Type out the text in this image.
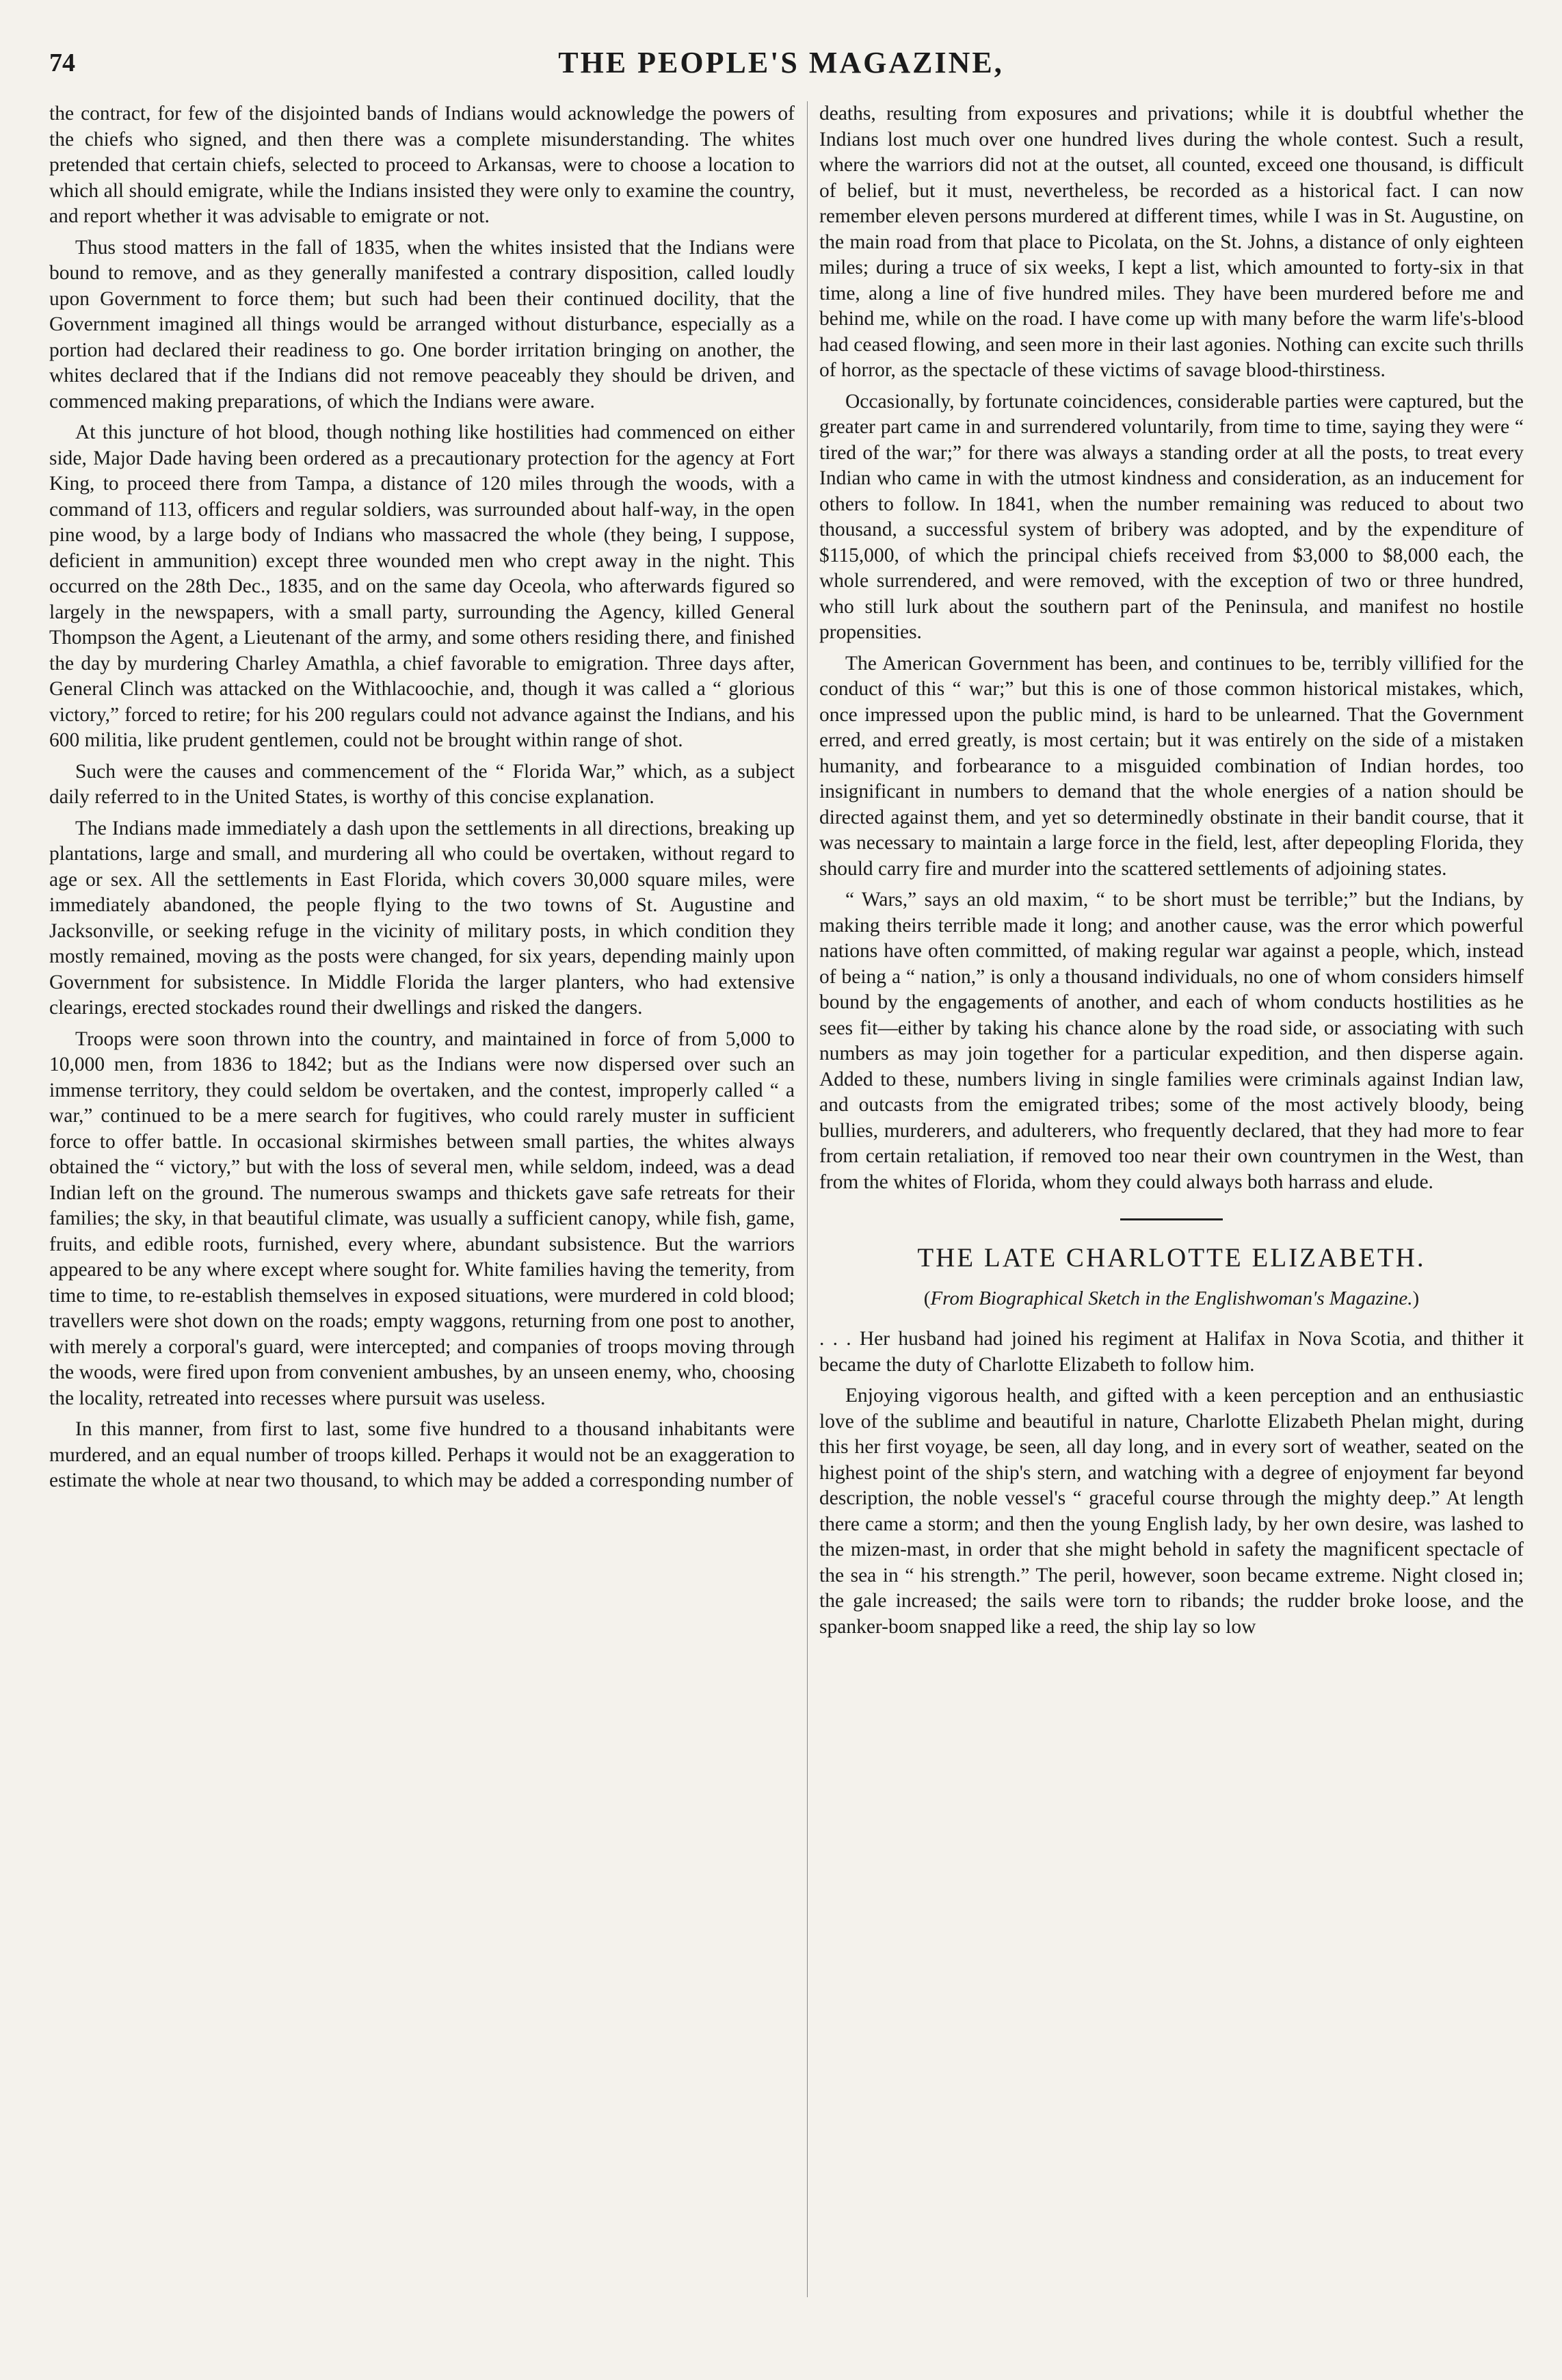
74	THE PEOPLE'S MAGAZINE,

the contract, for few of the disjointed bands of Indians would acknowledge the powers of the chiefs who signed, and then there was a complete misunderstanding. The whites pretended that certain chiefs, selected to proceed to Arkansas, were to choose a location to which all should emigrate, while the Indians insisted they were only to examine the country, and report whether it was advisable to emigrate or not.

Thus stood matters in the fall of 1835, when the whites insisted that the Indians were bound to remove, and as they generally manifested a contrary disposition, called loudly upon Government to force them; but such had been their continued docility, that the Government imagined all things would be arranged without disturbance, especially as a portion had declared their readiness to go. One border irritation bringing on another, the whites declared that if the Indians did not remove peaceably they should be driven, and commenced making preparations, of which the Indians were aware.

At this juncture of hot blood, though nothing like hostilities had commenced on either side, Major Dade having been ordered as a precautionary protection for the agency at Fort King, to proceed there from Tampa, a distance of 120 miles through the woods, with a command of 113, officers and regular soldiers, was surrounded about half-way, in the open pine wood, by a large body of Indians who massacred the whole (they being, I suppose, deficient in ammunition) except three wounded men who crept away in the night. This occurred on the 28th Dec., 1835, and on the same day Oceola, who afterwards figured so largely in the newspapers, with a small party, surrounding the Agency, killed General Thompson the Agent, a Lieutenant of the army, and some others residing there, and finished the day by murdering Charley Amathla, a chief favorable to emigration. Three days after, General Clinch was attacked on the Withlacoochie, and, though it was called a “ glorious victory,” forced to retire; for his 200 regulars could not advance against the Indians, and his 600 militia, like prudent gentlemen, could not be brought within range of shot.

Such were the causes and commencement of the “ Florida War,” which, as a subject daily referred to in the United States, is worthy of this concise explanation.

The Indians made immediately a dash upon the settlements in all directions, breaking up plantations, large and small, and murdering all who could be overtaken, without regard to age or sex. All the settlements in East Florida, which covers 30,000 square miles, were immediately abandoned, the people flying to the two towns of St. Augustine and Jacksonville, or seeking refuge in the vicinity of military posts, in which condition they mostly remained, moving as the posts were changed, for six years, depending mainly upon Government for subsistence. In Middle Florida the larger planters, who had extensive clearings, erected stockades round their dwellings and risked the dangers.

Troops were soon thrown into the country, and maintained in force of from 5,000 to 10,000 men, from 1836 to 1842; but as the Indians were now dispersed over such an immense territory, they could seldom be overtaken, and the contest, improperly called “ a war,” continued to be a mere search for fugitives, who could rarely muster in sufficient force to offer battle. In occasional skirmishes between small parties, the whites always obtained the “ victory,” but with the loss of several men, while seldom, indeed, was a dead Indian left on the ground. The numerous swamps and thickets gave safe retreats for their families; the sky, in that beautiful climate, was usually a sufficient canopy, while fish, game, fruits, and edible roots, furnished, every where, abundant subsistence. But the warriors appeared to be any where except where sought for. White families having the temerity, from time to time, to re-establish themselves in exposed situations, were murdered in cold blood; travellers were shot down on the roads; empty waggons, returning from one post to another, with merely a corporal's guard, were intercepted; and companies of troops moving through the woods, were fired upon from convenient ambushes, by an unseen enemy, who, choosing the locality, retreated into recesses where pursuit was useless.

In this manner, from first to last, some five hundred to a thousand inhabitants were murdered, and an equal number of troops killed. Perhaps it would not be an exaggeration to estimate the whole at near two thousand, to which may be added a corresponding number of

deaths, resulting from exposures and privations; while it is doubtful whether the Indians lost much over one hundred lives during the whole contest. Such a result, where the warriors did not at the outset, all counted, exceed one thousand, is difficult of belief, but it must, nevertheless, be recorded as a historical fact. I can now remember eleven persons murdered at different times, while I was in St. Augustine, on the main road from that place to Picolata, on the St. Johns, a distance of only eighteen miles; during a truce of six weeks, I kept a list, which amounted to forty-six in that time, along a line of five hundred miles. They have been murdered before me and behind me, while on the road. I have come up with many before the warm life's-blood had ceased flowing, and seen more in their last agonies. Nothing can excite such thrills of horror, as the spectacle of these victims of savage blood-thirstiness.

Occasionally, by fortunate coincidences, considerable parties were captured, but the greater part came in and surrendered voluntarily, from time to time, saying they were “ tired of the war;” for there was always a standing order at all the posts, to treat every Indian who came in with the utmost kindness and consideration, as an inducement for others to follow. In 1841, when the number remaining was reduced to about two thousand, a successful system of bribery was adopted, and by the expenditure of $115,000, of which the principal chiefs received from $3,000 to $8,000 each, the whole surrendered, and were removed, with the exception of two or three hundred, who still lurk about the southern part of the Peninsula, and manifest no hostile propensities.

The American Government has been, and continues to be, terribly villified for the conduct of this “ war;” but this is one of those common historical mistakes, which, once impressed upon the public mind, is hard to be unlearned. That the Government erred, and erred greatly, is most certain; but it was entirely on the side of a mistaken humanity, and forbearance to a misguided combination of Indian hordes, too insignificant in numbers to demand that the whole energies of a nation should be directed against them, and yet so determinedly obstinate in their bandit course, that it was necessary to maintain a large force in the field, lest, after depeopling Florida, they should carry fire and murder into the scattered settlements of adjoining states.

“ Wars,” says an old maxim, “ to be short must be terrible;” but the Indians, by making theirs terrible made it long; and another cause, was the error which powerful nations have often committed, of making regular war against a people, which, instead of being a “ nation,” is only a thousand individuals, no one of whom considers himself bound by the engagements of another, and each of whom conducts hostilities as he sees fit—either by taking his chance alone by the road side, or associating with such numbers as may join together for a particular expedition, and then disperse again. Added to these, numbers living in single families were criminals against Indian law, and outcasts from the emigrated tribes; some of the most actively bloody, being bullies, murderers, and adulterers, who frequently declared, that they had more to fear from certain retaliation, if removed too near their own countrymen in the West, than from the whites of Florida, whom they could always both harrass and elude.

THE LATE CHARLOTTE ELIZABETH.
(From Biographical Sketch in the Englishwoman's Magazine.)

. . . Her husband had joined his regiment at Halifax in Nova Scotia, and thither it became the duty of Charlotte Elizabeth to follow him.

Enjoying vigorous health, and gifted with a keen perception and an enthusiastic love of the sublime and beautiful in nature, Charlotte Elizabeth Phelan might, during this her first voyage, be seen, all day long, and in every sort of weather, seated on the highest point of the ship's stern, and watching with a degree of enjoyment far beyond description, the noble vessel's “ graceful course through the mighty deep.” At length there came a storm; and then the young English lady, by her own desire, was lashed to the mizen-mast, in order that she might behold in safety the magnificent spectacle of the sea in “ his strength.” The peril, however, soon became extreme. Night closed in; the gale increased; the sails were torn to ribands; the rudder broke loose, and the spanker-boom snapped like a reed, the ship lay so low
